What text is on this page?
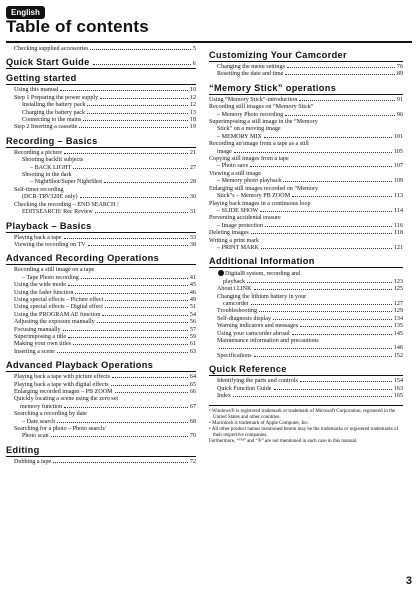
English
Table of contents
Checking supplied accessories	5
Quick Start Guide	6
Getting started
Using this manual	10
Step 1 Preparing the power supply	12
Installing the battery pack	12
Charging the battery pack	13
Connecting to the mains	18
Step 2 Inserting a cassette	19
Recording – Basics
Recording a picture	21
Shooting backlit subjects
– BACK LIGHT	27
Shooting in the dark
– NightShot/Super NightShot	28
Self-timer recording
(DCR-TRV320E only)	30
Checking the recording – END SEARCH /
EDITSEARCH/ Rec Review	31
Playback – Basics
Playing back a tape	33
Viewing the recording on TV	38
Advanced Recording Operations
Recording a still image on a tape
– Tape Photo recording	41
Using the wide mode	45
Using the fader function	46
Using special effects – Picture effect	49
Using special effects – Digital effect	51
Using the PROGRAM AE function	54
Adjusting the exposure manually	56
Focusing manually	57
Superimposing a title	59
Making your own titles	61
Inserting a scene	63
Advanced Playback Operations
Playing back a tape with picture effects	64
Playing back a tape with digital effects	65
Enlarging recorded images – PB ZOOM	66
Quickly locating a scene using the zero set
memory function	67
Searching a recording by date
– Date search	68
Searching for a photo – Photo search/
Photo scan	70
Editing
Dubbing a tape	72
Customizing Your Camcorder
Changing the menu settings	76
Resetting the date and time	89
“Memory Stick” operations
Using “Memory Stick”-introduction	91
Recording still images on “Memory Stick”
– Memory Photo recording	96
Superimposing a still image in the “Memory
Stick” on a moving image
– MEMORY MIX	101
Recording an image from a tape as a still
image	105
Copying still images from a tape
– Photo save	107
Viewing a still image
– Memory photo playback	109
Enlarging still images recorded on “Memory
Stick”s – Memory PB ZOOM	113
Playing back images in a continuous loop
– SLIDE SHOW	114
Preventing accidental erasure
– Image protection	116
Deleting images	118
Writing a print mark
– PRINT MARK	121
Additional Information
Digital8 system, recording and
playback	123
About i.LINK	125
Changing the lithium battery in your
camcorder	127
Troubleshooting	129
Self-diagnosis display	134
Warning indicators and messages	135
Using your camcorder abroad	145
Maintenance information and precautions
146
Specifications	152
Quick Reference
Identifying the parts and controls	154
Quick Function Guide	163
Index	165

• Windows® is registered trademark or trademark of Microsoft Corporation, registered in the United States and other countries.

• Macintosh is trademark of Apple Computer, Inc.

• All other product names mentioned herein may be the trademarks or registered trademarks of their respective companies.

Furthermore, “™” and “®” are not mentioned in each case in this manual.

3
